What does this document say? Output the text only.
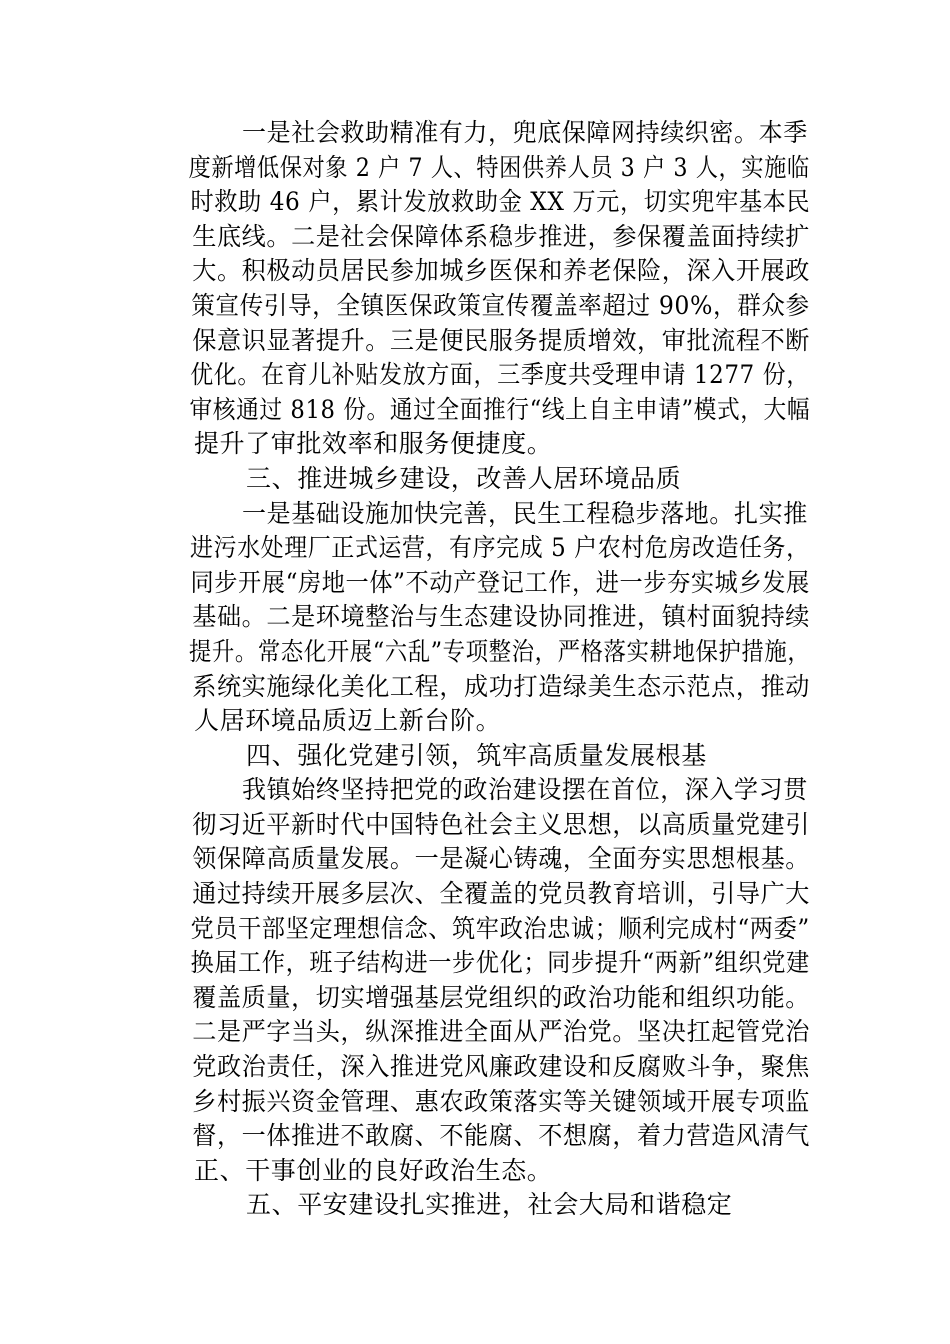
一是社会救助精准有力，兜底保障网持续织密。本季
度新增低保对象 2 户 7 人、特困供养人员 3 户 3 人，实施临
时救助 46 户，累计发放救助金 XX 万元，切实兜牢基本民
生底线。二是社会保障体系稳步推进，参保覆盖面持续扩
大。积极动员居民参加城乡医保和养老保险，深入开展政
策宣传引导，全镇医保政策宣传覆盖率超过 90%，群众参
保意识显著提升。三是便民服务提质增效，审批流程不断
优化。在育儿补贴发放方面，三季度共受理申请 1277 份，
审核通过 818 份。通过全面推行“线上自主申请”模式，大幅
提升了审批效率和服务便捷度。
三、推进城乡建设，改善人居环境品质
一是基础设施加快完善，民生工程稳步落地。扎实推
进污水处理厂正式运营，有序完成 5 户农村危房改造任务，
同步开展“房地一体”不动产登记工作，进一步夯实城乡发展
基础。二是环境整治与生态建设协同推进，镇村面貌持续
提升。常态化开展“六乱”专项整治，严格落实耕地保护措施，
系统实施绿化美化工程，成功打造绿美生态示范点，推动
人居环境品质迈上新台阶。
四、强化党建引领，筑牢高质量发展根基
我镇始终坚持把党的政治建设摆在首位，深入学习贯
彻习近平新时代中国特色社会主义思想，以高质量党建引
领保障高质量发展。一是凝心铸魂，全面夯实思想根基。
通过持续开展多层次、全覆盖的党员教育培训，引导广大
党员干部坚定理想信念、筑牢政治忠诚；顺利完成村“两委”
换届工作，班子结构进一步优化；同步提升“两新”组织党建
覆盖质量，切实增强基层党组织的政治功能和组织功能。
二是严字当头，纵深推进全面从严治党。坚决扛起管党治
党政治责任，深入推进党风廉政建设和反腐败斗争，聚焦
乡村振兴资金管理、惠农政策落实等关键领域开展专项监
督，一体推进不敢腐、不能腐、不想腐，着力营造风清气
正、干事创业的良好政治生态。
五、平安建设扎实推进，社会大局和谐稳定
